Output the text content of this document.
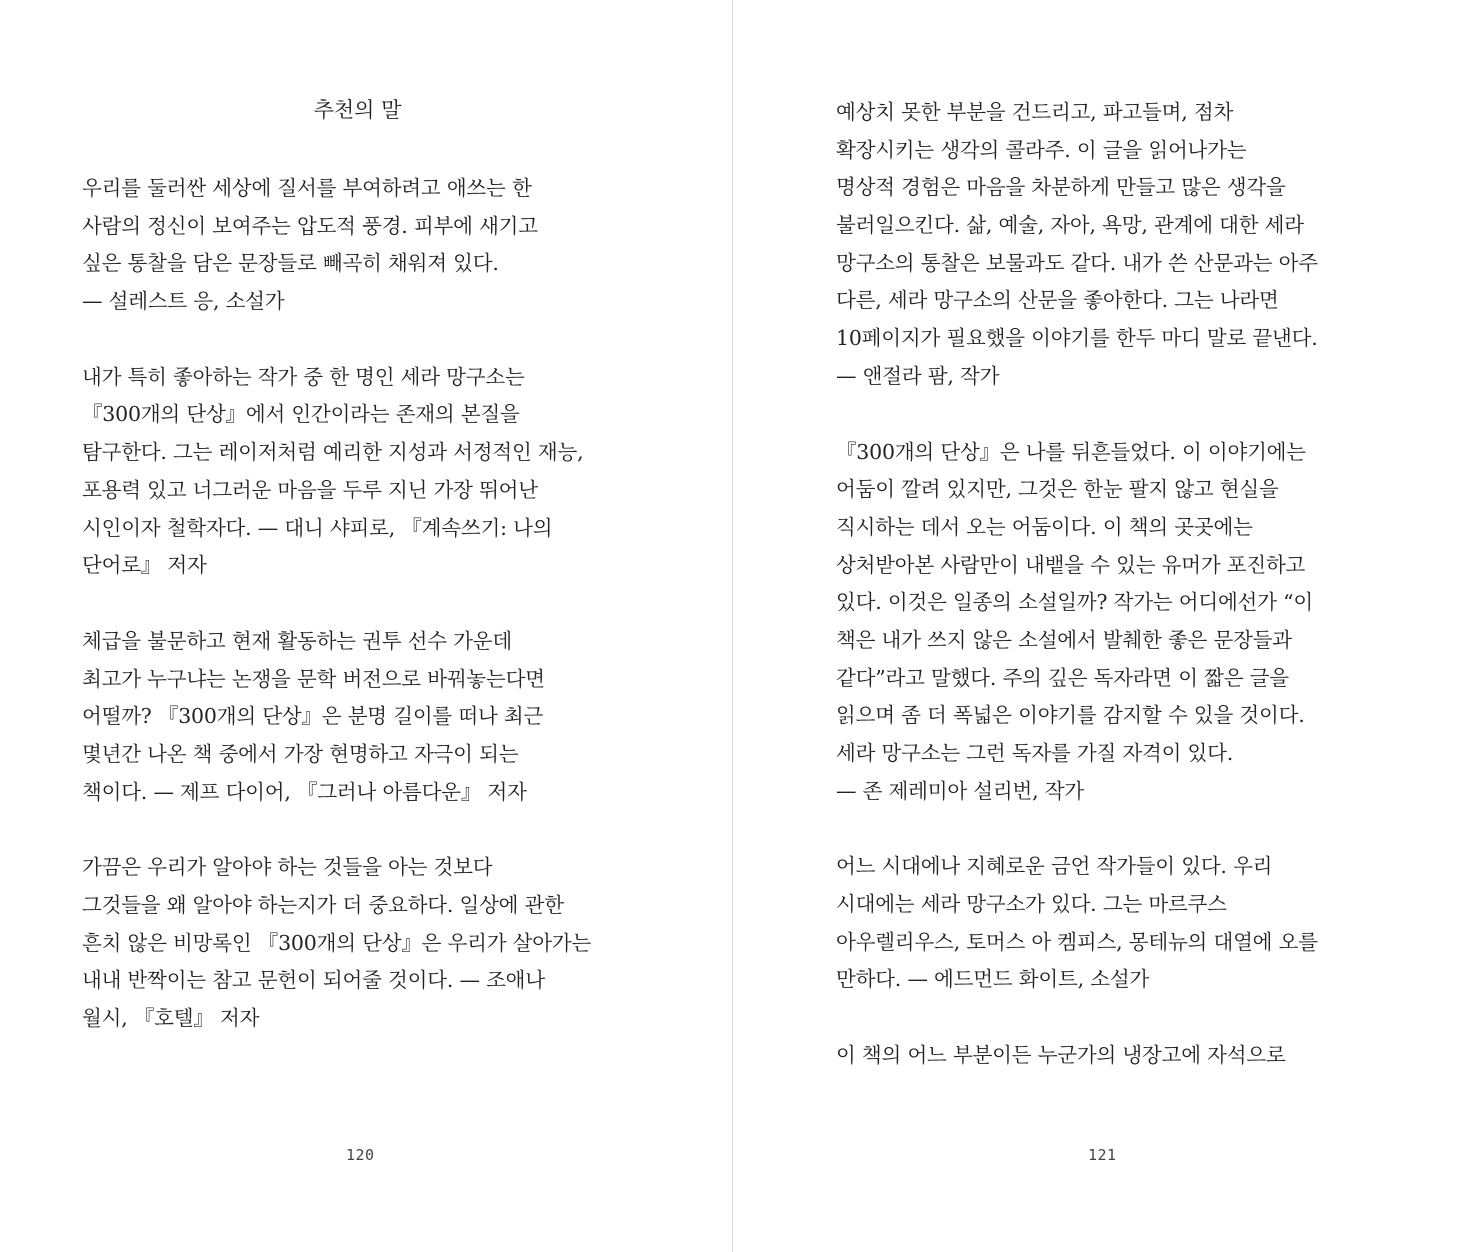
추천의 말

우리를 둘러싼 세상에 질서를 부여하려고 애쓰는 한
사람의 정신이 보여주는 압도적 풍경. 피부에 새기고
싶은 통찰을 담은 문장들로 빼곡히 채워져 있다.
— 설레스트 응, 소설가

내가 특히 좋아하는 작가 중 한 명인 세라 망구소는
『300개의 단상』에서 인간이라는 존재의 본질을
탐구한다. 그는 레이저처럼 예리한 지성과 서정적인 재능,
포용력 있고 너그러운 마음을 두루 지닌 가장 뛰어난
시인이자 철학자다. — 대니 샤피로, 『계속쓰기: 나의
단어로』 저자

체급을 불문하고 현재 활동하는 권투 선수 가운데
최고가 누구냐는 논쟁을 문학 버전으로 바꿔놓는다면
어떨까? 『300개의 단상』은 분명 길이를 떠나 최근
몇년간 나온 책 중에서 가장 현명하고 자극이 되는
책이다. — 제프 다이어, 『그러나 아름다운』 저자

가끔은 우리가 알아야 하는 것들을 아는 것보다
그것들을 왜 알아야 하는지가 더 중요하다. 일상에 관한
흔치 않은 비망록인 『300개의 단상』은 우리가 살아가는
내내 반짝이는 참고 문헌이 되어줄 것이다. — 조애나
월시, 『호텔』 저자

120

예상치 못한 부분을 건드리고, 파고들며, 점차
확장시키는 생각의 콜라주. 이 글을 읽어나가는
명상적 경험은 마음을 차분하게 만들고 많은 생각을
불러일으킨다. 삶, 예술, 자아, 욕망, 관계에 대한 세라
망구소의 통찰은 보물과도 같다. 내가 쓴 산문과는 아주
다른, 세라 망구소의 산문을 좋아한다. 그는 나라면
10페이지가 필요했을 이야기를 한두 마디 말로 끝낸다.
— 앤절라 팜, 작가

『300개의 단상』은 나를 뒤흔들었다. 이 이야기에는
어둠이 깔려 있지만, 그것은 한눈 팔지 않고 현실을
직시하는 데서 오는 어둠이다. 이 책의 곳곳에는
상처받아본 사람만이 내뱉을 수 있는 유머가 포진하고
있다. 이것은 일종의 소설일까? 작가는 어디에선가 “이
책은 내가 쓰지 않은 소설에서 발췌한 좋은 문장들과
같다”라고 말했다. 주의 깊은 독자라면 이 짧은 글을
읽으며 좀 더 폭넓은 이야기를 감지할 수 있을 것이다.
세라 망구소는 그런 독자를 가질 자격이 있다.
— 존 제레미아 설리번, 작가

어느 시대에나 지혜로운 금언 작가들이 있다. 우리
시대에는 세라 망구소가 있다. 그는 마르쿠스
아우렐리우스, 토머스 아 켐피스, 몽테뉴의 대열에 오를
만하다. — 에드먼드 화이트, 소설가

이 책의 어느 부분이든 누군가의 냉장고에 자석으로

121
